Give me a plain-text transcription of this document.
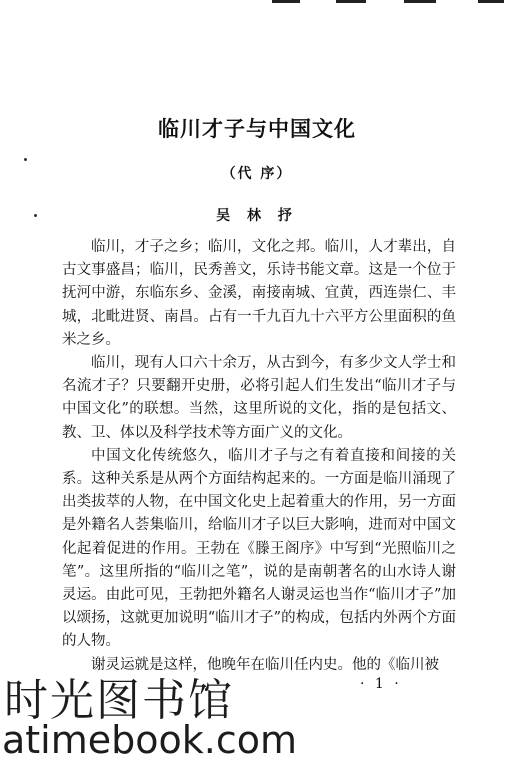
临川才子与中国文化
（代 序）
吴 林 抒

临川，才子之乡；临川，文化之邦。临川，人才辈出，自古文事盛昌；临川，民秀善文，乐诗书能文章。这是一个位于抚河中游，东临东乡、金溪，南接南城、宜黄，西连崇仁、丰城，北毗进贤、南昌。占有一千九百九十六平方公里面积的鱼米之乡。

临川，现有人口六十余万，从古到今，有多少文人学士和名流才子？只要翻开史册，必将引起人们生发出“临川才子与中国文化”的联想。当然，这里所说的文化，指的是包括文、教、卫、体以及科学技术等方面广义的文化。

中国文化传统悠久，临川才子与之有着直接和间接的关系。这种关系是从两个方面结构起来的。一方面是临川涌现了出类拔萃的人物，在中国文化史上起着重大的作用，另一方面是外籍名人荟集临川，给临川才子以巨大影响，进而对中国文化起着促进的作用。王勃在《滕王阁序》中写到“光照临川之笔”。这里所指的“临川之笔”，说的是南朝著名的山水诗人谢灵运。由此可见，王勃把外籍名人谢灵运也当作“临川才子”加以颂扬，这就更加说明“临川才子”的构成，包括内外两个方面的人物。

谢灵运就是这样，他晚年在临川任内史。他的《临川被

· 1 ·
时光图书馆
atimebook.com
